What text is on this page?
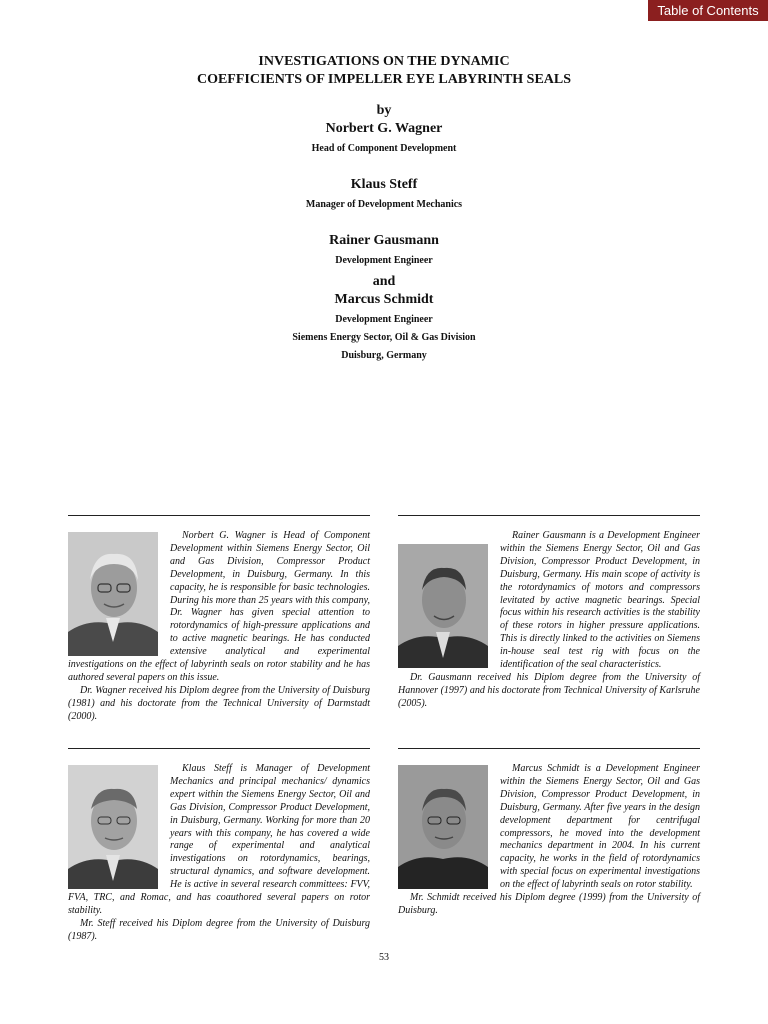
Table of Contents
INVESTIGATIONS ON THE DYNAMIC
COEFFICIENTS OF IMPELLER EYE LABYRINTH SEALS
by
Norbert G. Wagner
Head of Component Development
Klaus Steff
Manager of Development Mechanics
Rainer Gausmann
Development Engineer
and
Marcus Schmidt
Development Engineer
Siemens Energy Sector, Oil & Gas Division
Duisburg, Germany

Norbert G. Wagner is Head of Component Development within Siemens Energy Sector, Oil and Gas Division, Compressor Product Development, in Duisburg, Germany. In this capacity, he is responsible for basic technologies. During his more than 25 years with this company, Dr. Wagner has given special attention to rotordynamics of high-pressure applications and to active magnetic bearings. He has conducted extensive analytical and experimental investigations on the effect of labyrinth seals on rotor stability and he has authored several papers on this issue.

Dr. Wagner received his Diplom degree from the University of Duisburg (1981) and his doctorate from the Technical University of Darmstadt (2000).

Rainer Gausmann is a Development Engineer within the Siemens Energy Sector, Oil and Gas Division, Compressor Product Development, in Duisburg, Germany. His main scope of activity is the rotordynamics of motors and compressors levitated by active magnetic bearings. Special focus within his research activities is the stability of these rotors in higher pressure applications. This is directly linked to the activities on Siemens in-house seal test rig with focus on the identification of the seal characteristics.

Dr. Gausmann received his Diplom degree from the University of Hannover (1997) and his doctorate from Technical University of Karlsruhe (2005).

Klaus Steff is Manager of Development Mechanics and principal mechanics/ dynamics expert within the Siemens Energy Sector, Oil and Gas Division, Compressor Product Development, in Duisburg, Germany. Working for more than 20 years with this company, he has covered a wide range of experimental and analytical investigations on rotordynamics, bearings, structural dynamics, and software development. He is active in several research committees: FVV, FVA, TRC, and Romac, and has coauthored several papers on rotor stability.

Mr. Steff received his Diplom degree from the University of Duisburg (1987).

Marcus Schmidt is a Development Engineer within the Siemens Energy Sector, Oil and Gas Division, Compressor Product Development, in Duisburg, Germany. After five years in the design development department for centrifugal compressors, he moved into the development mechanics department in 2004. In his current capacity, he works in the field of rotordynamics with special focus on experimental investigations on the effect of labyrinth seals on rotor stability.

Mr. Schmidt received his Diplom degree (1999) from the University of Duisburg.

53
